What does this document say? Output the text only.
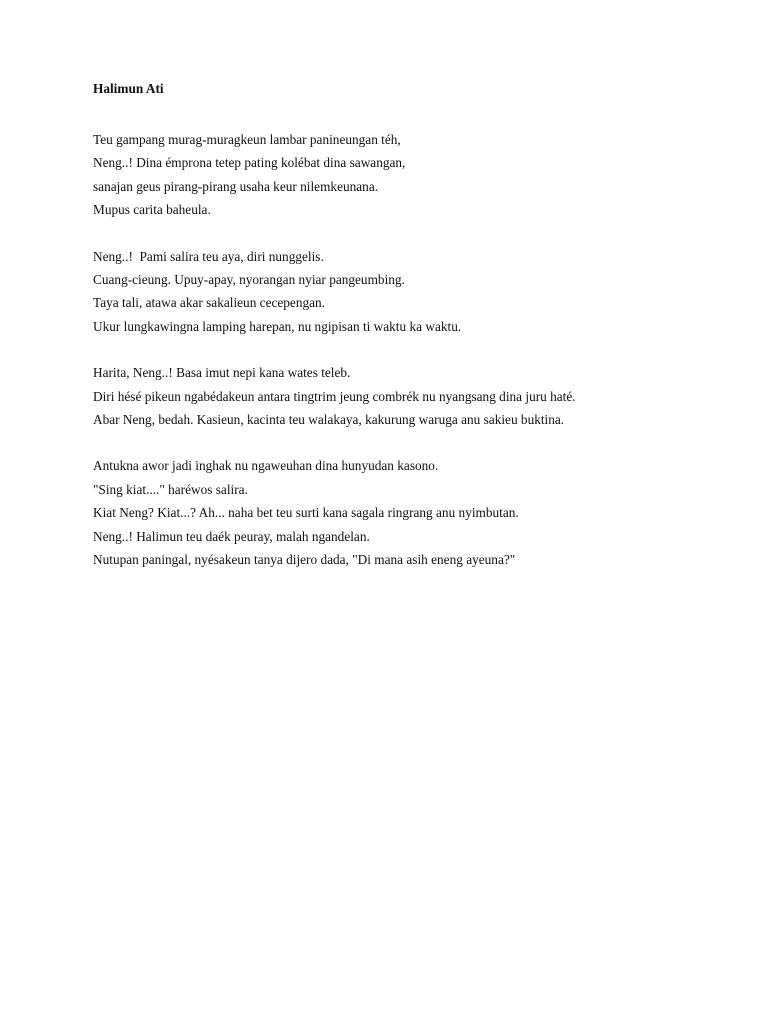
Halimun Ati
Teu gampang murag-muragkeun lambar panineungan téh,
Neng..! Dina émprona tetep pating kolébat dina sawangan,
sanajan geus pirang-pirang usaha keur nilemkeunana.
Mupus carita baheula.
Neng..!  Pami salira teu aya, diri nunggelis.
Cuang-cieung. Upuy-apay, nyorangan nyiar pangeumbing.
Taya tali, atawa akar sakalieun cecepengan.
Ukur lungkawingna lamping harepan, nu ngipisan ti waktu ka waktu.
Harita, Neng..! Basa imut nepi kana wates teleb.
Diri hésé pikeun ngabédakeun antara tingtrim jeung combrék nu nyangsang dina juru haté.
Abar Neng, bedah. Kasieun, kacinta teu walakaya, kakurung waruga anu sakieu buktina.
Antukna awor jadi inghak nu ngaweuhan dina hunyudan kasono.
"Sing kiat...." haréwos salira.
Kiat Neng? Kiat...? Ah... naha bet teu surti kana sagala ringrang anu nyimbutan.
Neng..! Halimun teu daék peuray, malah ngandelan.
Nutupan paningal, nyésakeun tanya dijero dada, "Di mana asih eneng ayeuna?"
